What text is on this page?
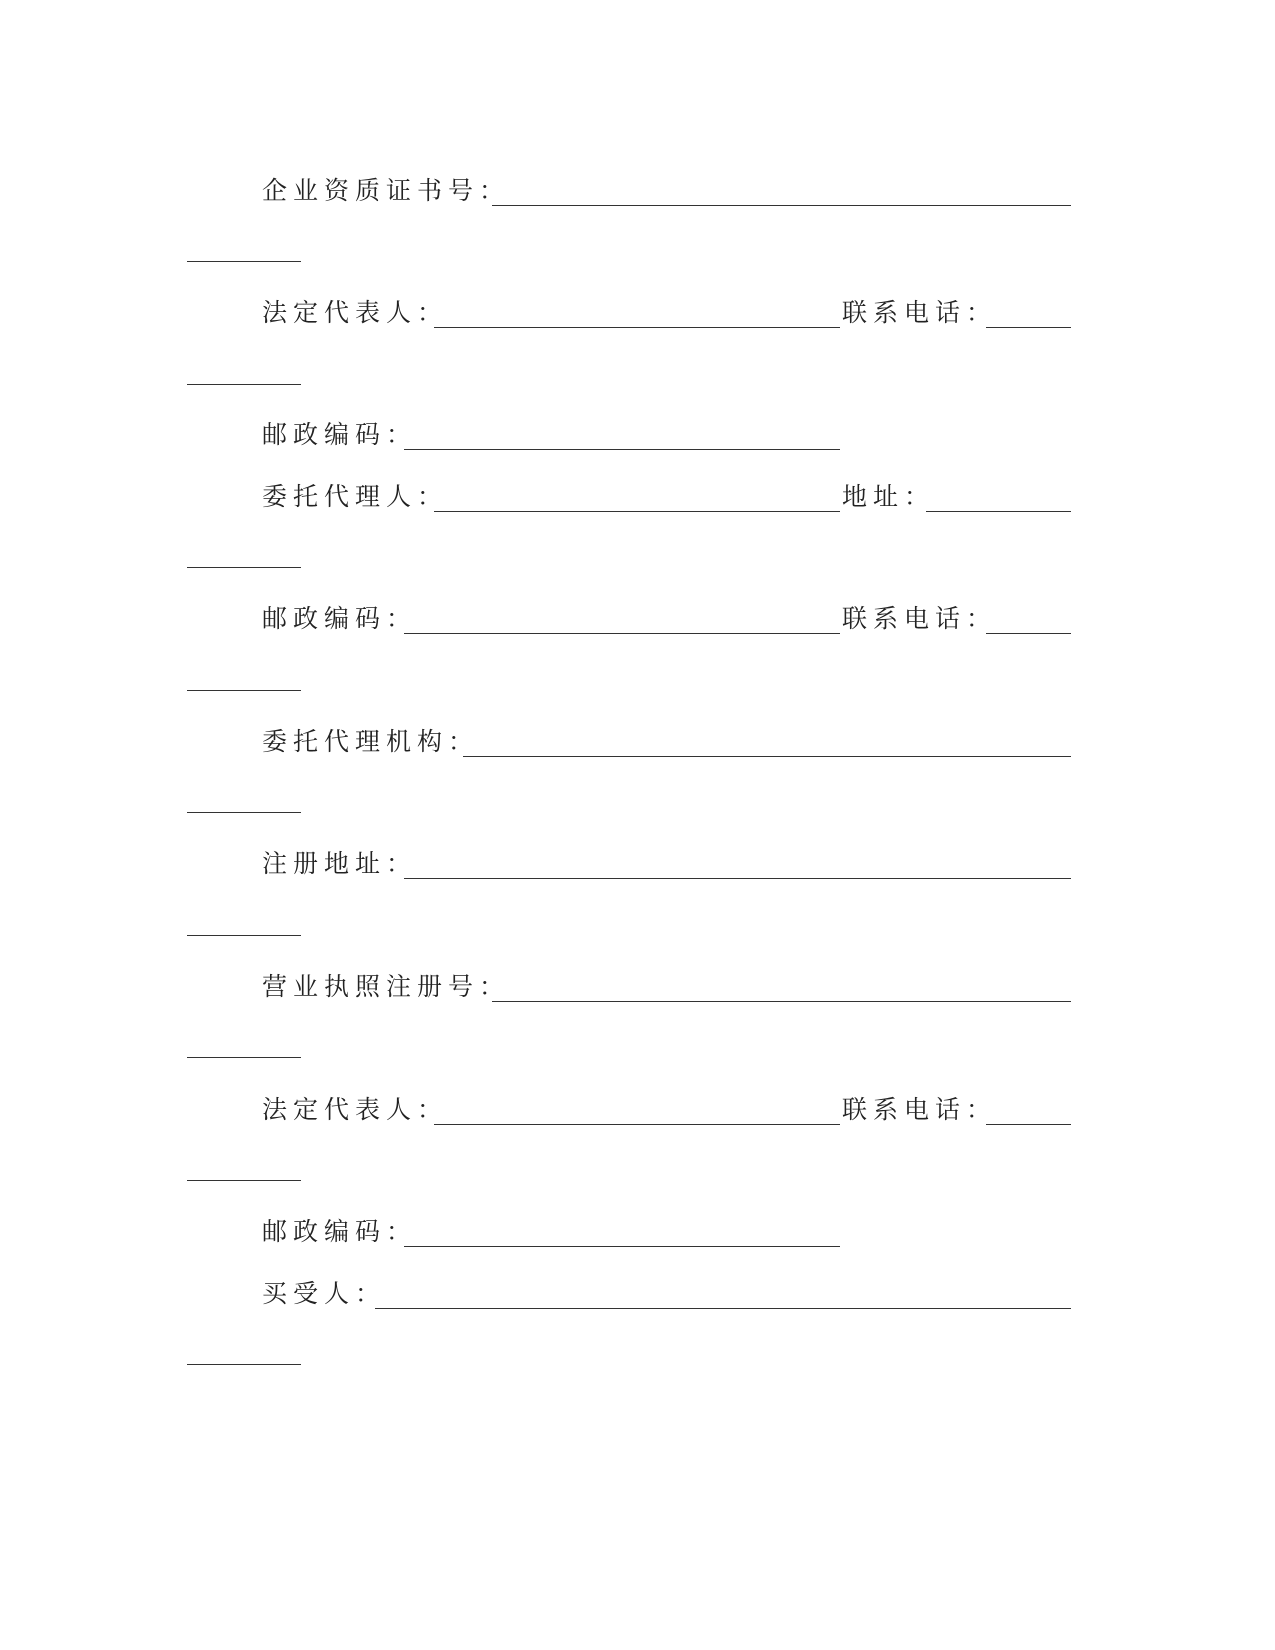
企业资质证书号：
法定代表人：	联系电话：
邮政编码：
委托代理人：	地址：
邮政编码：	联系电话：
委托代理机构：
注册地址：
营业执照注册号：
法定代表人：	联系电话：
邮政编码：
买受人：
